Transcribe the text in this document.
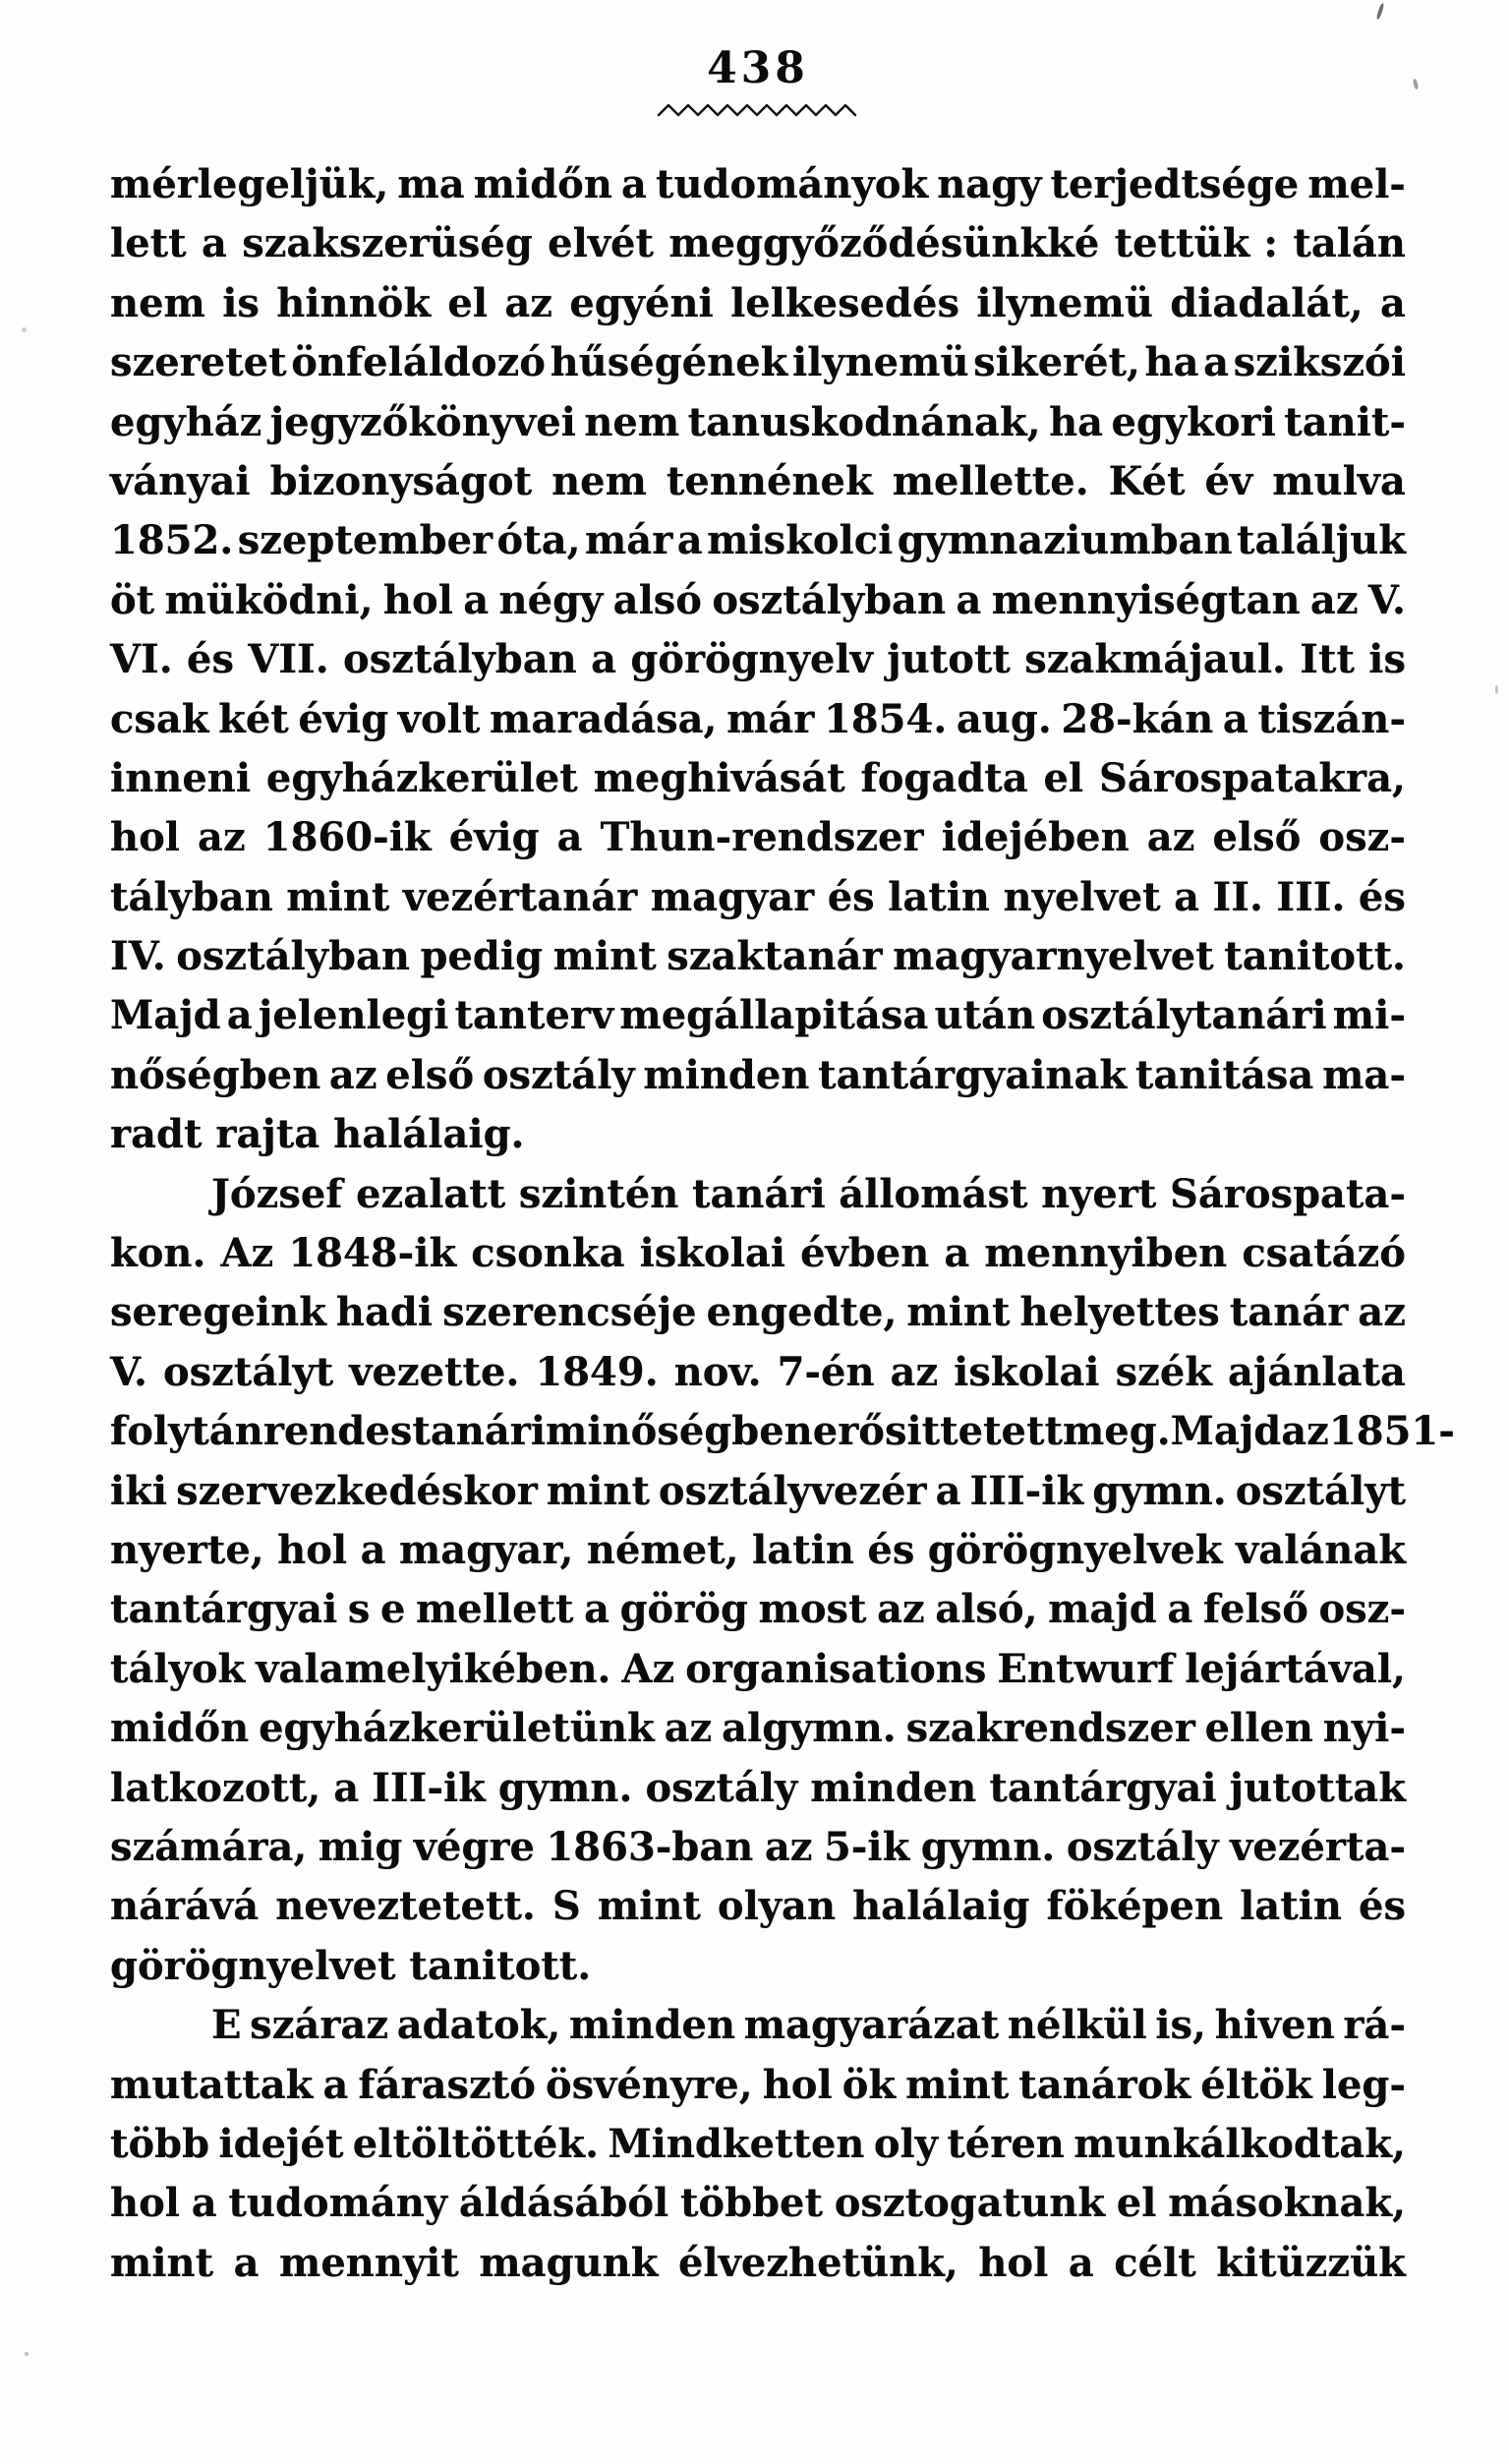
438
mérlegeljük, ma midőn a tudományok nagy terjedtsége mel-
lett a szakszerüség elvét meggyőződésünkké tettük : talán
nem is hinnök el az egyéni lelkesedés ilynemü diadalát, a
szeretet önfeláldozó hűségének ilynemü sikerét, ha a szikszói
egyház jegyzőkönyvei nem tanuskodnának, ha egykori tanit-
ványai bizonyságot nem tennének mellette. Két év mulva
1852. szeptember óta, már a miskolci gymnaziumban találjuk
öt müködni, hol a négy alsó osztályban a mennyiségtan az V.
VI. és VII. osztályban a görögnyelv jutott szakmájaul. Itt is
csak két évig volt maradása, már 1854. aug. 28-kán a tiszán-
inneni egyházkerület meghivását fogadta el Sárospatakra,
hol az 1860-ik évig a Thun-rendszer idejében az első osz-
tályban mint vezértanár magyar és latin nyelvet a II. III. és
IV. osztályban pedig mint szaktanár magyarnyelvet tanitott.
Majd a jelenlegi tanterv megállapitása után osztálytanári mi-
nőségben az első osztály minden tantárgyainak tanitása ma-
radt rajta halálaig.
József ezalatt szintén tanári állomást nyert Sárospata-
kon. Az 1848-ik csonka iskolai évben a mennyiben csatázó
seregeink hadi szerencséje engedte, mint helyettes tanár az
V. osztályt vezette. 1849. nov. 7-én az iskolai szék ajánlata
folytán rendes tanári minőségben erősittetett meg. Majd az 1851-
iki szervezkedéskor mint osztályvezér a III-ik gymn. osztályt
nyerte, hol a magyar, német, latin és görögnyelvek valának
tantárgyai s e mellett a görög most az alsó, majd a felső osz-
tályok valamelyikében. Az organisations Entwurf lejártával,
midőn egyházkerületünk az algymn. szakrendszer ellen nyi-
latkozott, a III-ik gymn. osztály minden tantárgyai jutottak
számára, mig végre 1863-ban az 5-ik gymn. osztály vezérta-
nárává neveztetett. S mint olyan halálaig föképen latin és
görögnyelvet tanitott.
E száraz adatok, minden magyarázat nélkül is, hiven rá-
mutattak a fárasztó ösvényre, hol ök mint tanárok éltök leg-
több idejét eltöltötték. Mindketten oly téren munkálkodtak,
hol a tudomány áldásából többet osztogatunk el másoknak,
mint a mennyit magunk élvezhetünk, hol a célt kitüzzük
